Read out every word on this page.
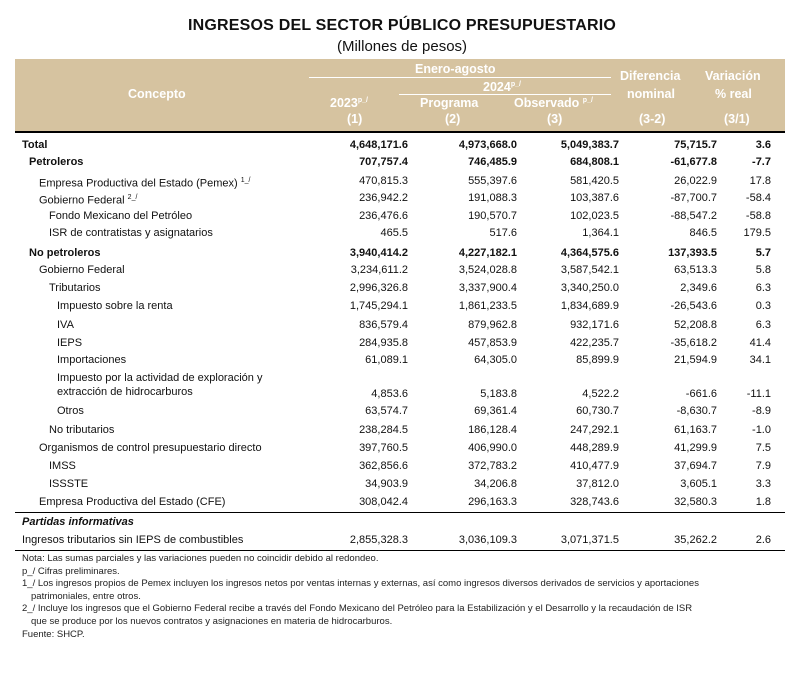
INGRESOS DEL SECTOR PÚBLICO PRESUPUESTARIO
(Millones de pesos)
Concepto
Enero-agosto
$2024^{p\_/}$
$2023^{p\_/}$	Programa	Observado $^{p\_/}$
Diferencia
nominal
Variación
% real
(1)	(2)	(3)	(3-2)	(3/1)
Total	4,648,171.6	4,973,668.0	5,049,383.7	75,715.7	3.6
Petroleros	707,757.4	746,485.9	684,808.1	-61,677.8	-7.7
Empresa Productiva del Estado (Pemex) $^{1\_/}$	470,815.3	555,397.6	581,420.5	26,022.9	17.8
Gobierno Federal $^{2\_/}$	236,942.2	191,088.3	103,387.6	-87,700.7	-58.4
Fondo Mexicano del Petróleo	236,476.6	190,570.7	102,023.5	-88,547.2	-58.8
ISR de contratistas y asignatarios	465.5	517.6	1,364.1	846.5 179.5
No petroleros	3,940,414.2	4,227,182.1	4,364,575.6	137,393.5	5.7
Gobierno Federal	3,234,611.2	3,524,028.8	3,587,542.1	63,513.3	5.8
Tributarios	2,996,326.8	3,337,900.4	3,340,250.0	2,349.6	6.3
Impuesto sobre la renta	1,745,294.1	1,861,233.5	1,834,689.9	-26,543.6	0.3
IVA	836,579.4	879,962.8	932,171.6	52,208.8	6.3
IEPS	284,935.8	457,853.9	422,235.7	-35,618.2	41.4
Importaciones	61,089.1	64,305.0	85,899.9	21,594.9	34.1
Impuesto por la actividad de exploración y
extracción de hidrocarburos	4,853.6	5,183.8	4,522.2	-661.6	-11.1
Otros	63,574.7	69,361.4	60,730.7	-8,630.7	-8.9
No tributarios	238,284.5	186,128.4	247,292.1	61,163.7	-1.0
Organismos de control presupuestario directo	397,760.5	406,990.0	448,289.9	41,299.9	7.5
IMSS	362,856.6	372,783.2	410,477.9	37,694.7	7.9
ISSSTE	34,903.9	34,206.8	37,812.0	3,605.1	3.3
Empresa Productiva del Estado (CFE)	308,042.4	296,163.3	328,743.6	32,580.3	1.8
Partidas informativas
Ingresos tributarios sin IEPS de combustibles	2,855,328.3	3,036,109.3	3,071,371.5	35,262.2	2.6

Nota: Las sumas parciales y las variaciones pueden no coincidir debido al redondeo.

p_/ Cifras preliminares.

1_/ Los ingresos propios de Pemex incluyen los ingresos netos por ventas internas y externas, así como ingresos diversos derivados de servicios y aportaciones

patrimoniales, entre otros.

2_/ Incluye los ingresos que el Gobierno Federal recibe a través del Fondo Mexicano del Petróleo para la Estabilización y el Desarrollo y la recaudación de ISR

que se produce por los nuevos contratos y asignaciones en materia de hidrocarburos.

Fuente: SHCP.
